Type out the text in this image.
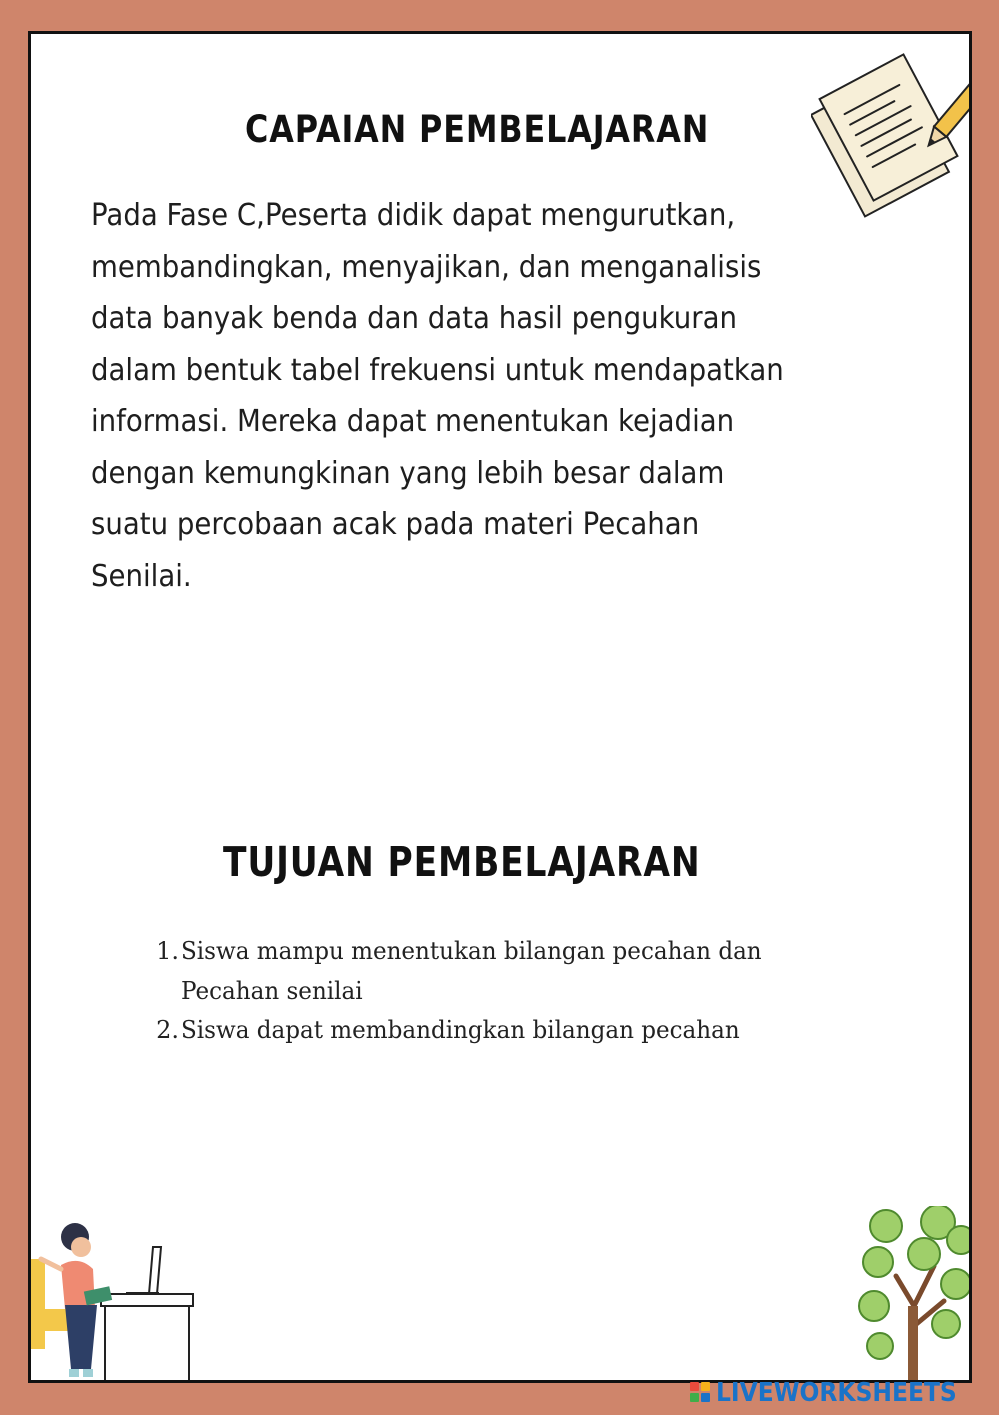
CAPAIAN PEMBELAJARAN
Pada Fase C,Peserta didik dapat mengurutkan,
membandingkan, menyajikan, dan menganalisis
data banyak benda dan data hasil pengukuran
dalam bentuk tabel frekuensi untuk mendapatkan
informasi. Mereka dapat menentukan kejadian
dengan kemungkinan yang lebih besar dalam
suatu percobaan acak pada materi Pecahan
Senilai.
TUJUAN PEMBELAJARAN
1. Siswa mampu menentukan bilangan pecahan dan
Pecahan senilai
2. Siswa dapat membandingkan bilangan pecahan
LIVEWORKSHEETS
